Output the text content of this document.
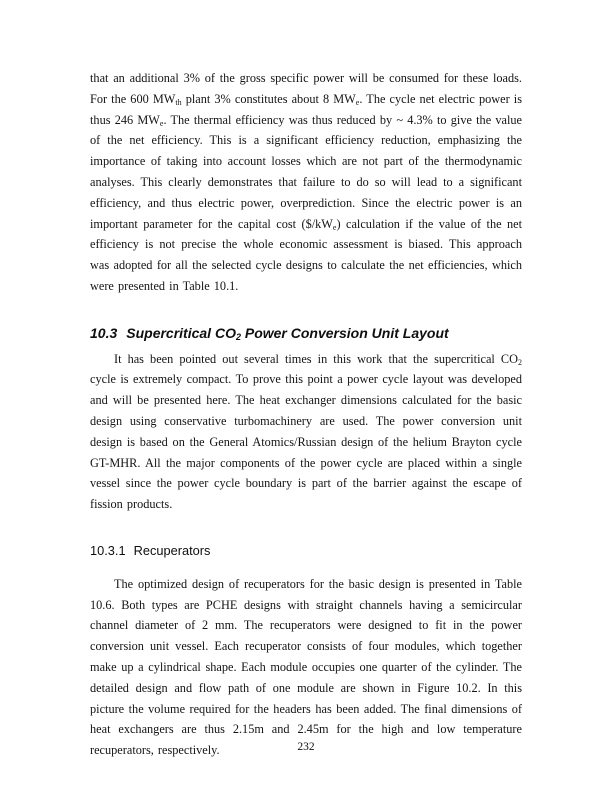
that an additional 3% of the gross specific power will be consumed for these loads. For the 600 $MW_{th}$ plant 3% constitutes about 8 $MW_e$. The cycle net electric power is thus 246 $MW_e$. The thermal efficiency was thus reduced by ~ 4.3% to give the value of the net efficiency. This is a significant efficiency reduction, emphasizing the importance of taking into account losses which are not part of the thermodynamic analyses. This clearly demonstrates that failure to do so will lead to a significant efficiency, and thus electric power, overprediction. Since the electric power is an important parameter for the capital cost $(\$/kW_e)$ calculation if the value of the net efficiency is not precise the whole economic assessment is biased. This approach was adopted for all the selected cycle designs to calculate the net efficiencies, which were presented in Table 10.1.

10.3 Supercritical $CO_2$ Power Conversion Unit Layout

It has been pointed out several times in this work that the supercritical $CO_2$ cycle is extremely compact. To prove this point a power cycle layout was developed and will be presented here. The heat exchanger dimensions calculated for the basic design using conservative turbomachinery are used. The power conversion unit design is based on the General Atomics/Russian design of the helium Brayton cycle GT-MHR. All the major components of the power cycle are placed within a single vessel since the power cycle boundary is part of the barrier against the escape of fission products.

10.3.1 Recuperators

The optimized design of recuperators for the basic design is presented in Table 10.6. Both types are PCHE designs with straight channels having a semicircular channel diameter of 2 mm. The recuperators were designed to fit in the power conversion unit vessel. Each recuperator consists of four modules, which together make up a cylindrical shape. Each module occupies one quarter of the cylinder. The detailed design and flow path of one module are shown in Figure 10.2. In this picture the volume required for the headers has been added. The final dimensions of heat exchangers are thus 2.15m and 2.45m for the high and low temperature recuperators, respectively.	232
